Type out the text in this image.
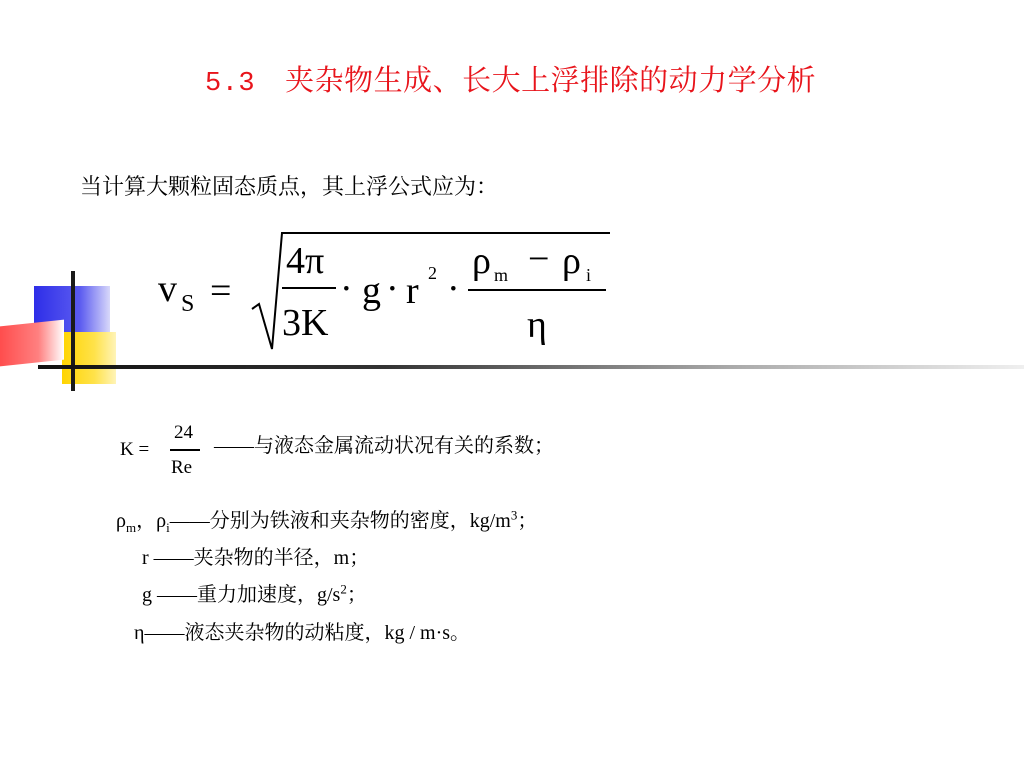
5.3 夹杂物生成、长大上浮排除的动力学分析
当计算大颗粒固态质点，其上浮公式应为：
v S =
4π
3K
· g · r 2 ·
ρ m − ρ i
η
K =
24
Re
——与液态金属流动状况有关的系数；
$\rho_m$，$\rho_i——$分别为铁液和夹杂物的密度，$kg/m^3$；
r ——夹杂物的半径，m；
g ——重力加速度，$g/s^2$；
η——液态夹杂物的动粘度，kg / m·s。
